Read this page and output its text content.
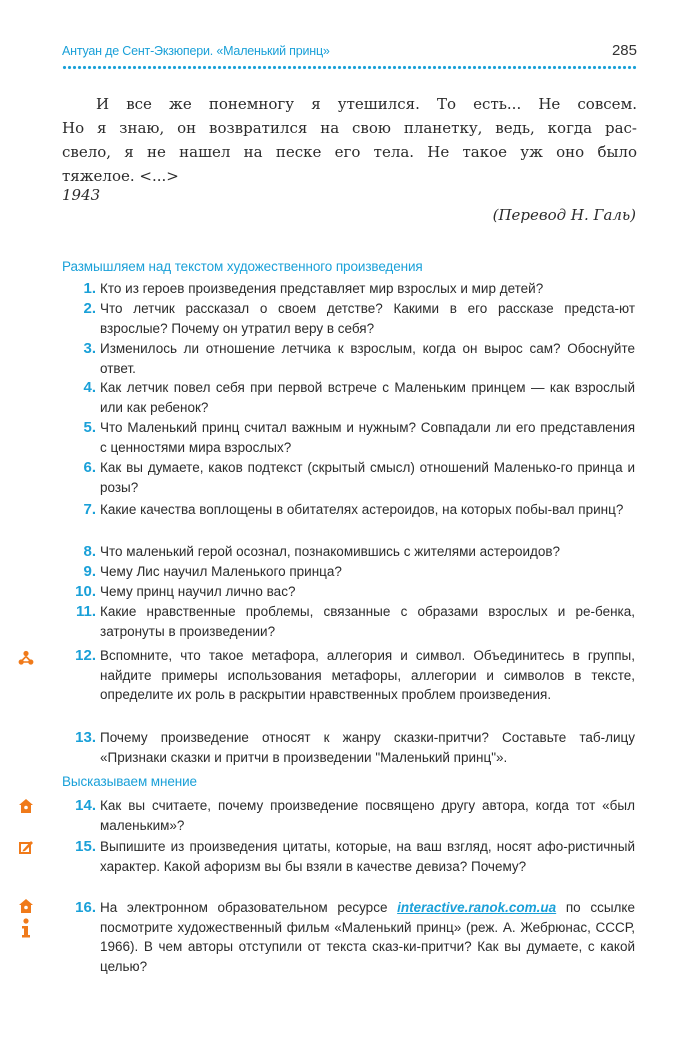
Антуан де Сент-Экзюпери. «Маленький принц»	285
И все же понемногу я утешился. То есть... Не совсем.
Но я знаю, он возвратился на свою планетку, ведь, когда рас-
свело, я не нашел на песке его тела. Не такое уж оно было
тяжелое. <...>
1943
(Перевод Н. Галь)
Размышляем над текстом художественного произведения
1. Кто из героев произведения представляет мир взрослых и мир детей?
2. Что летчик рассказал о своем детстве? Какими в его рассказе предста-ют взрослые? Почему он утратил веру в себя?
3. Изменилось ли отношение летчика к взрослым, когда он вырос сам? Обоснуйте ответ.
4. Как летчик повел себя при первой встрече с Маленьким принцем — как взрослый или как ребенок?
5. Что Маленький принц считал важным и нужным? Совпадали ли его представления с ценностями мира взрослых?
6. Как вы думаете, каков подтекст (скрытый смысл) отношений Маленько-го принца и розы?
7. Какие качества воплощены в обитателях астероидов, на которых побы-вал принц?
8. Что маленький герой осознал, познакомившись с жителями астероидов?
9. Чему Лис научил Маленького принца?
10. Чему принц научил лично вас?
11. Какие нравственные проблемы, связанные с образами взрослых и ре-бенка, затронуты в произведении?
12. Вспомните, что такое метафора, аллегория и символ. Объединитесь в группы, найдите примеры использования метафоры, аллегории и символов в тексте, определите их роль в раскрытии нравственных проблем произведения.
13. Почему произведение относят к жанру сказки-притчи? Составьте таб-лицу «Признаки сказки и притчи в произведении "Маленький принц"».
Высказываем мнение
14. Как вы считаете, почему произведение посвящено другу автора, когда тот «был маленьким»?
15. Выпишите из произведения цитаты, которые, на ваш взгляд, носят афо-ристичный характер. Какой афоризм вы бы взяли в качестве девиза? Почему?
16. На электронном образовательном ресурсе interactive.ranok.com.ua по ссылке посмотрите художественный фильм «Маленький принц» (реж. А. Жебрюнас, СССР, 1966). В чем авторы отступили от текста сказ-ки-притчи? Как вы думаете, с какой целью?
